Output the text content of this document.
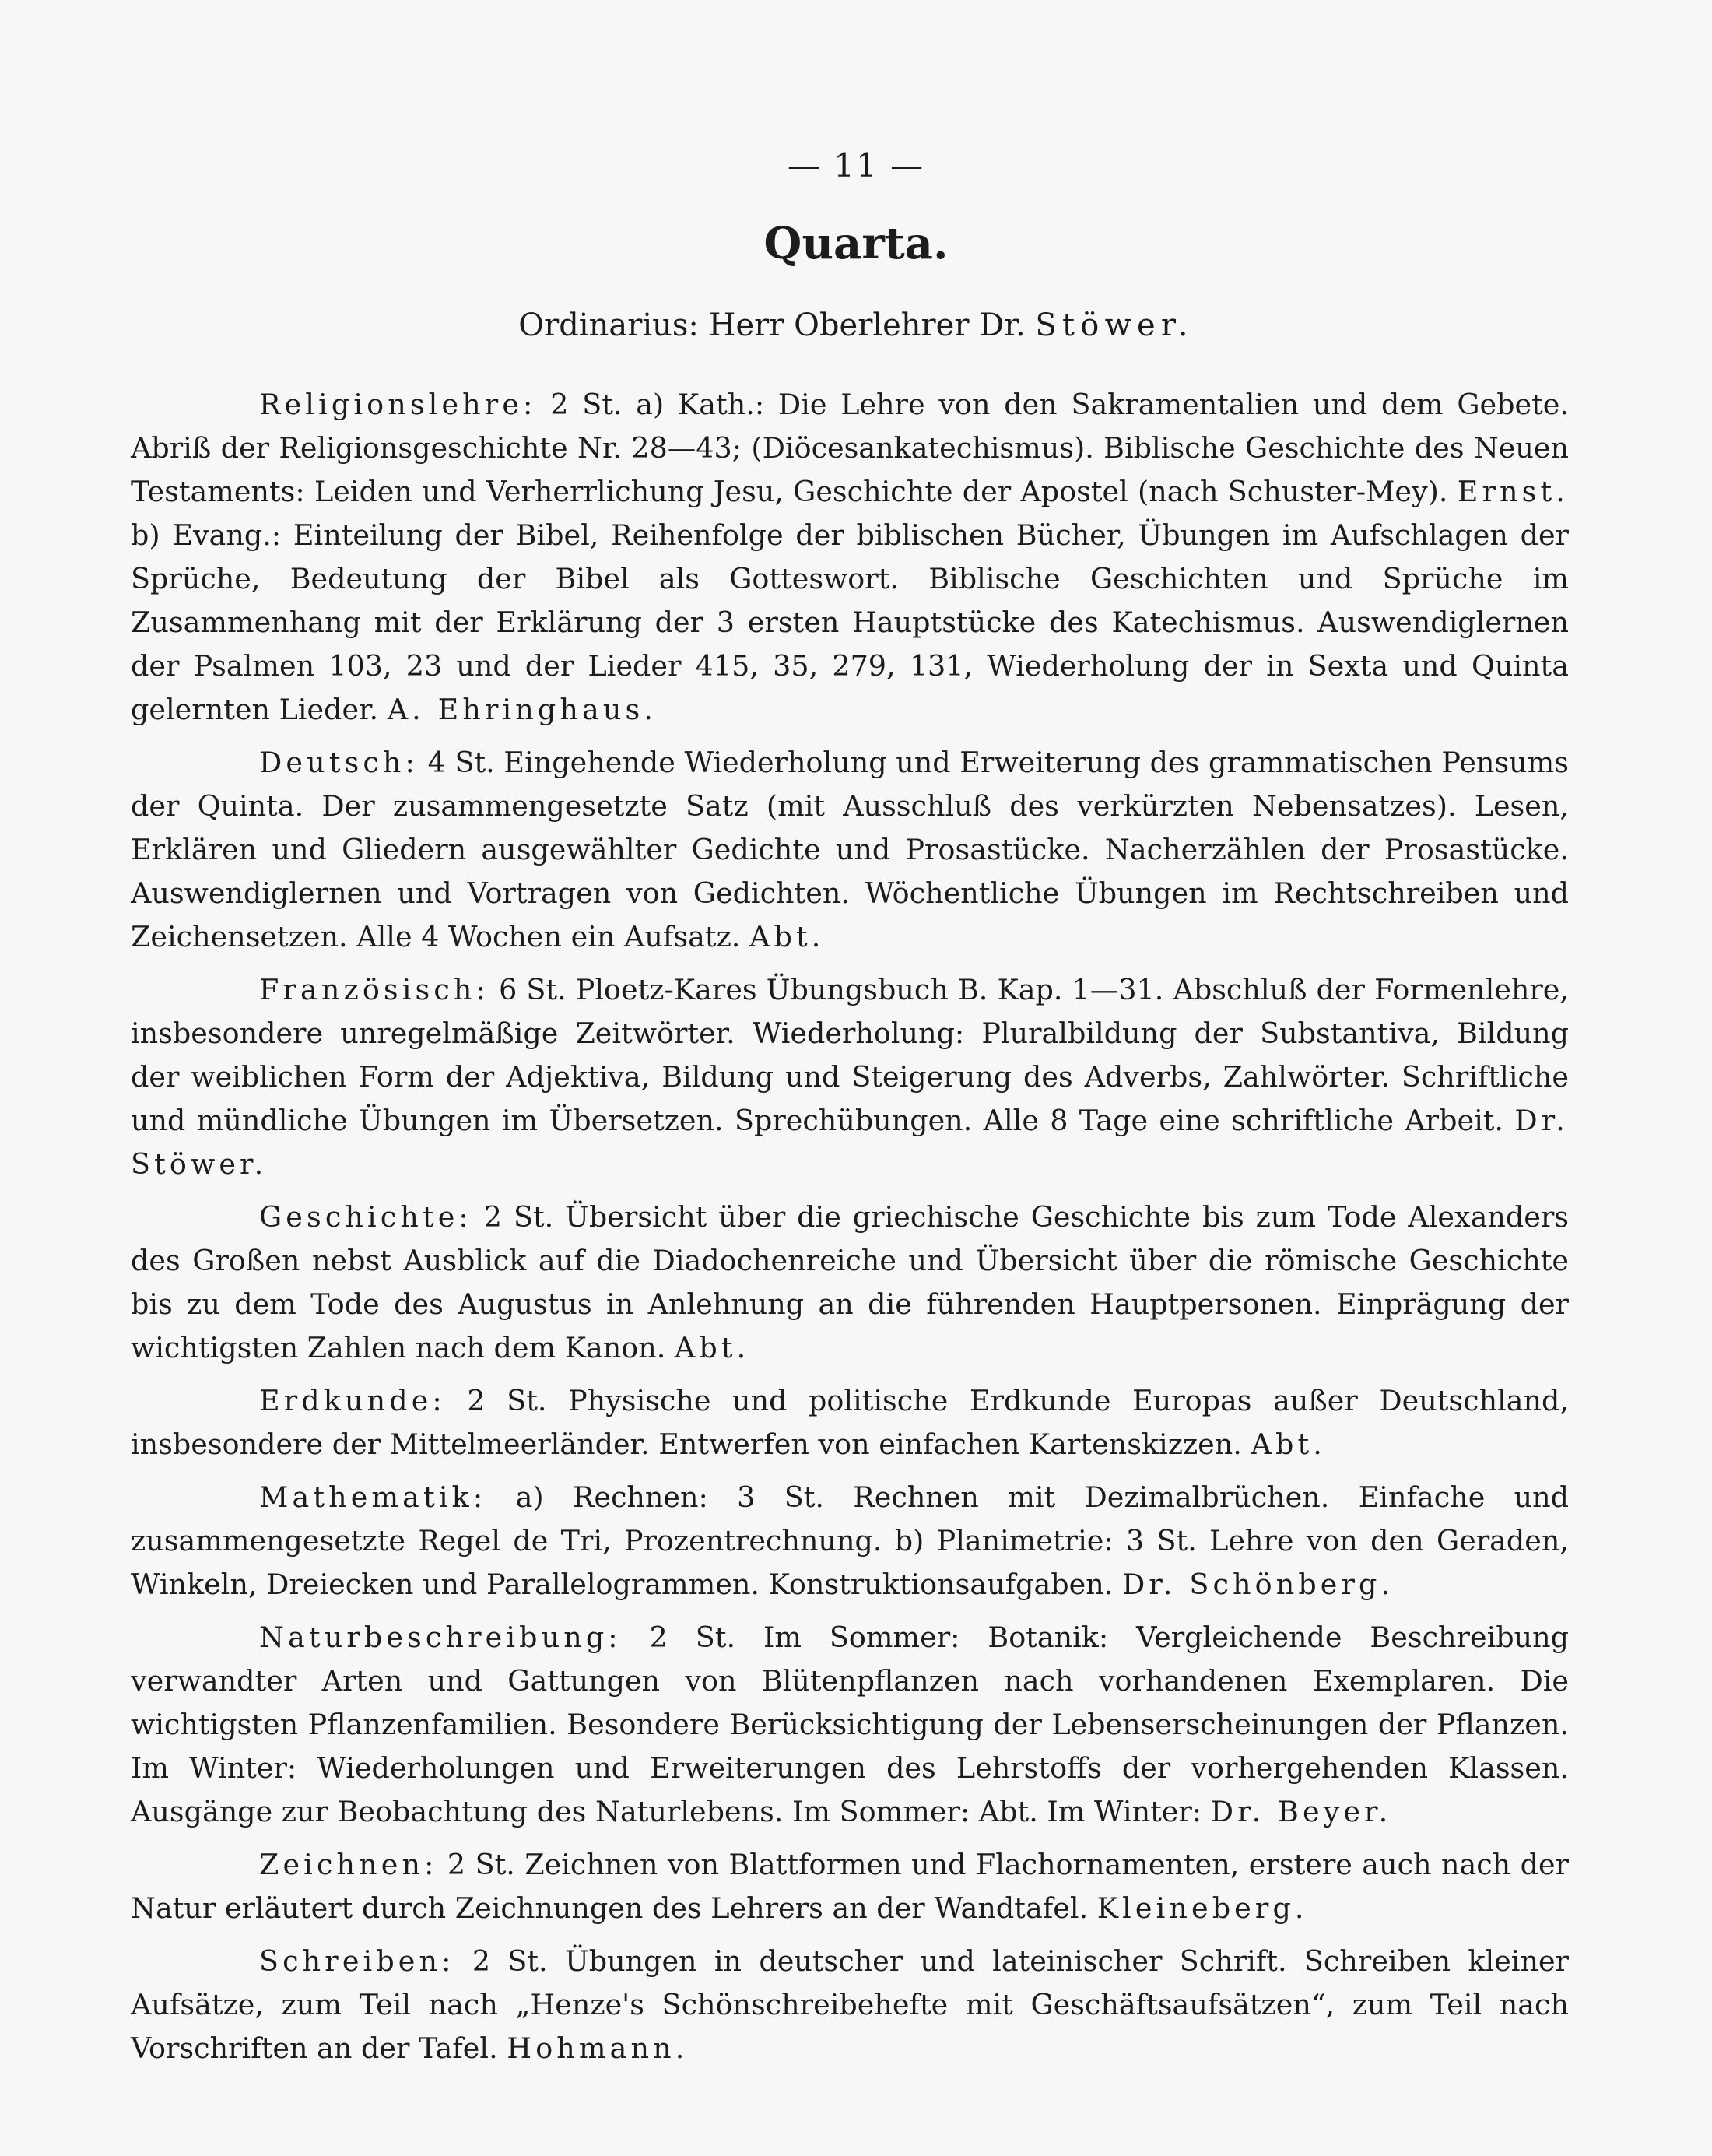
— 11 —
Quarta.
Ordinarius: Herr Oberlehrer Dr. Stöwer.

Religionslehre: 2 St. a) Kath.: Die Lehre von den Sakramentalien und dem Gebete. Abriß der Religionsgeschichte Nr. 28—43; (Diöcesankatechismus). Biblische Geschichte des Neuen Testaments: Leiden und Verherrlichung Jesu, Geschichte der Apostel (nach Schuster-Mey). Ernst. b) Evang.: Einteilung der Bibel, Reihenfolge der biblischen Bücher, Übungen im Aufschlagen der Sprüche, Bedeutung der Bibel als Gotteswort. Biblische Geschichten und Sprüche im Zusammenhang mit der Erklärung der 3 ersten Hauptstücke des Katechismus. Auswendiglernen der Psalmen 103, 23 und der Lieder 415, 35, 279, 131, Wiederholung der in Sexta und Quinta gelernten Lieder. A. Ehringhaus.

Deutsch: 4 St. Eingehende Wiederholung und Erweiterung des grammatischen Pensums der Quinta. Der zusammengesetzte Satz (mit Ausschluß des verkürzten Nebensatzes). Lesen, Erklären und Gliedern ausgewählter Gedichte und Prosastücke. Nacherzählen der Prosastücke. Auswendiglernen und Vortragen von Gedichten. Wöchentliche Übungen im Rechtschreiben und Zeichensetzen. Alle 4 Wochen ein Aufsatz. Abt.

Französisch: 6 St. Ploetz-Kares Übungsbuch B. Kap. 1—31. Abschluß der Formenlehre, insbesondere unregelmäßige Zeitwörter. Wiederholung: Pluralbildung der Substantiva, Bildung der weiblichen Form der Adjektiva, Bildung und Steigerung des Adverbs, Zahlwörter. Schriftliche und mündliche Übungen im Übersetzen. Sprechübungen. Alle 8 Tage eine schriftliche Arbeit. Dr. Stöwer.

Geschichte: 2 St. Übersicht über die griechische Geschichte bis zum Tode Alexanders des Großen nebst Ausblick auf die Diadochenreiche und Übersicht über die römische Geschichte bis zu dem Tode des Augustus in Anlehnung an die führenden Hauptpersonen. Einprägung der wichtigsten Zahlen nach dem Kanon. Abt.

Erdkunde: 2 St. Physische und politische Erdkunde Europas außer Deutschland, insbesondere der Mittelmeerländer. Entwerfen von einfachen Kartenskizzen. Abt.

Mathematik: a) Rechnen: 3 St. Rechnen mit Dezimalbrüchen. Einfache und zusammengesetzte Regel de Tri, Prozentrechnung. b) Planimetrie: 3 St. Lehre von den Geraden, Winkeln, Dreiecken und Parallelogrammen. Konstruktionsaufgaben. Dr. Schönberg.

Naturbeschreibung: 2 St. Im Sommer: Botanik: Vergleichende Beschreibung verwandter Arten und Gattungen von Blütenpflanzen nach vorhandenen Exemplaren. Die wichtigsten Pflanzenfamilien. Besondere Berücksichtigung der Lebenserscheinungen der Pflanzen. Im Winter: Wiederholungen und Erweiterungen des Lehrstoffs der vorhergehenden Klassen. Ausgänge zur Beobachtung des Naturlebens. Im Sommer: Abt. Im Winter: Dr. Beyer.

Zeichnen: 2 St. Zeichnen von Blattformen und Flachornamenten, erstere auch nach der Natur erläutert durch Zeichnungen des Lehrers an der Wandtafel. Kleineberg.

Schreiben: 2 St. Übungen in deutscher und lateinischer Schrift. Schreiben kleiner Aufsätze, zum Teil nach „Henze's Schönschreibehefte mit Geschäftsaufsätzen“, zum Teil nach Vorschriften an der Tafel. Hohmann.
